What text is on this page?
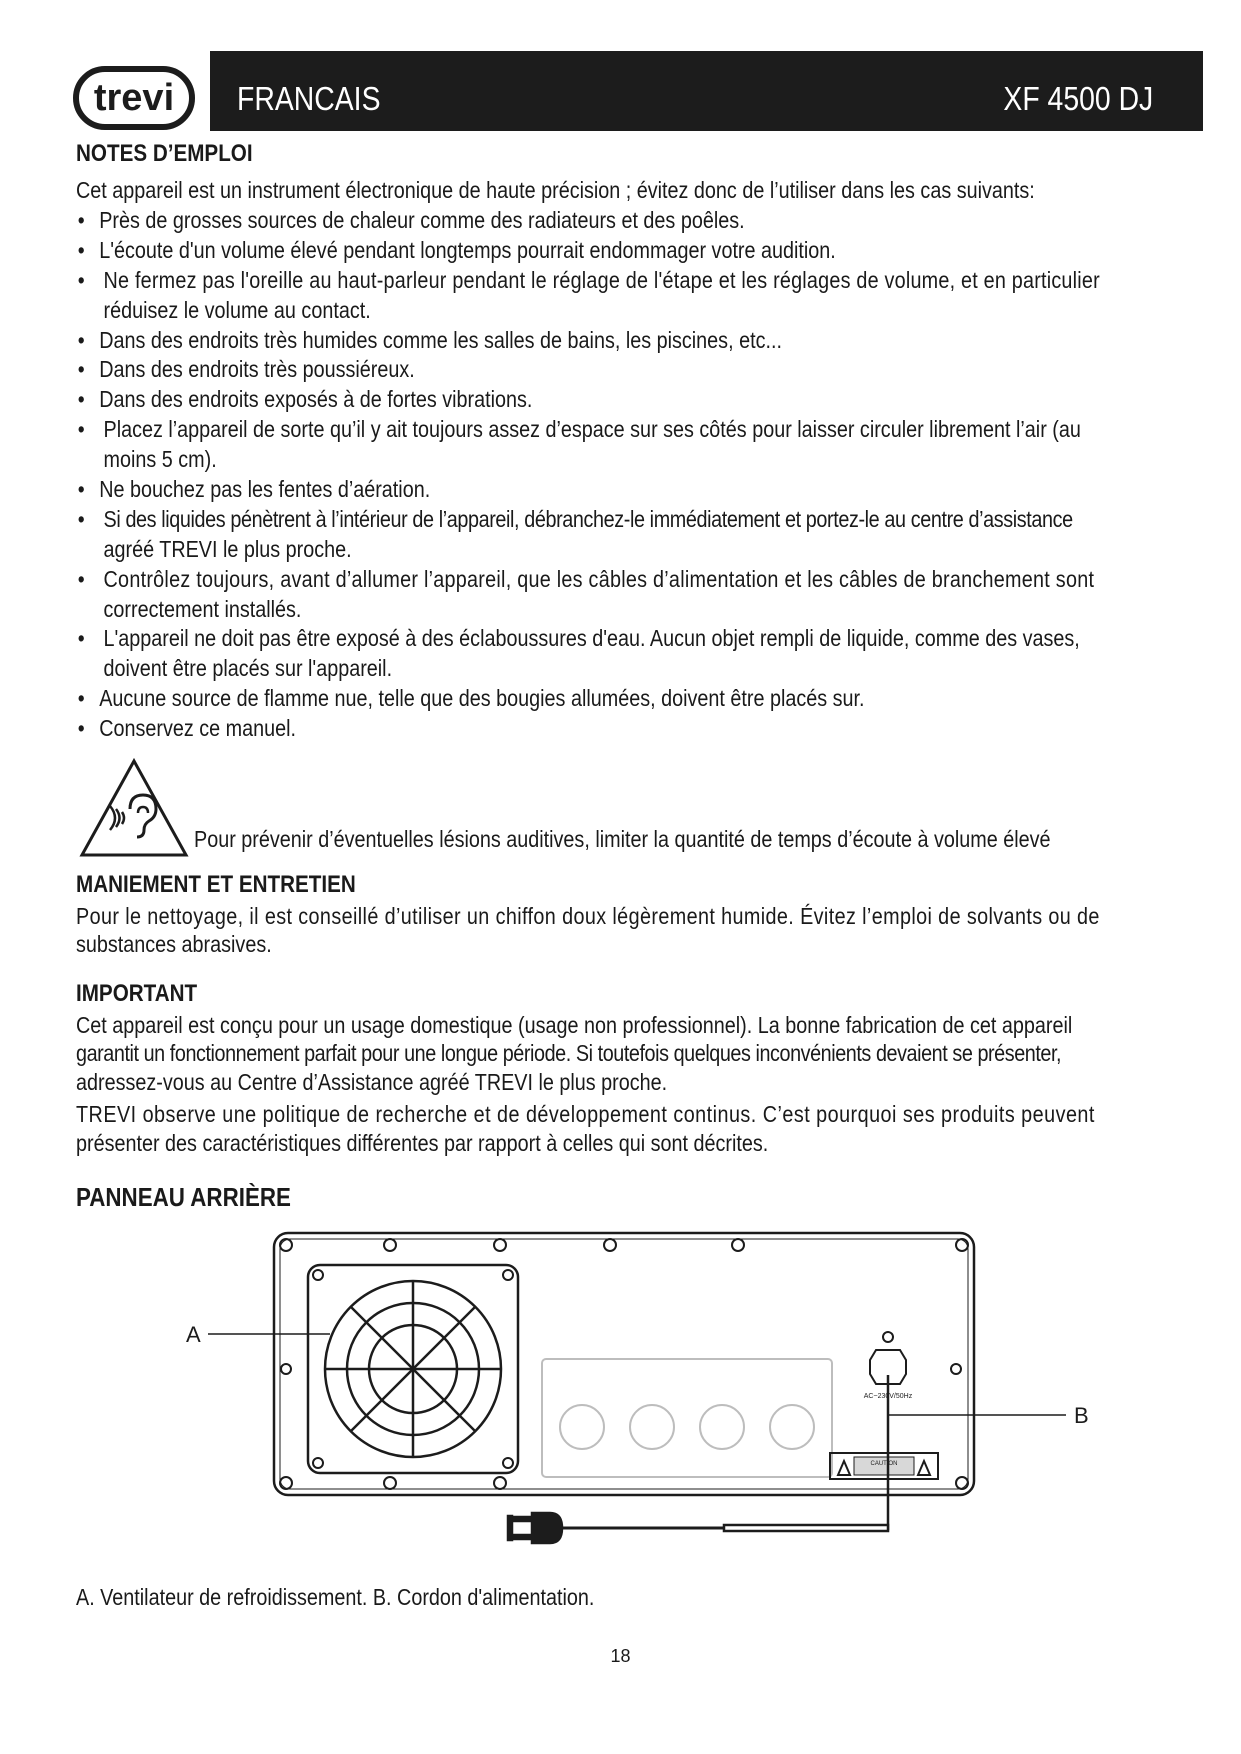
trevi FRANCAIS	XF 4500 DJ
NOTES D’EMPLOI
Cet appareil est un instrument électronique de haute précision ; évitez donc de l’utiliser dans les cas suivants:
• Près de grosses sources de chaleur comme des radiateurs et des poêles.
• L'écoute d'un volume élevé pendant longtemps pourrait endommager votre audition.
• Ne fermez pas l'oreille au haut-parleur pendant le réglage de l'étape et les réglages de volume, et en particulier
réduisez le volume au contact.
• Dans des endroits très humides comme les salles de bains, les piscines, etc...
• Dans des endroits très poussiéreux.
• Dans des endroits exposés à de fortes vibrations.
• Placez l’appareil de sorte qu’il y ait toujours assez d’espace sur ses côtés pour laisser circuler librement l’air (au
moins 5 cm).
• Ne bouchez pas les fentes d’aération.
• Si des liquides pénètrent à l’intérieur de l’appareil, débranchez-le immédiatement et portez-le au centre d’assistance
agréé TREVI le plus proche.
• Contrôlez toujours, avant d’allumer l’appareil, que les câbles d’alimentation et les câbles de branchement sont
correctement installés.
• L'appareil ne doit pas être exposé à des éclaboussures d'eau. Aucun objet rempli de liquide, comme des vases,
doivent être placés sur l'appareil.
• Aucune source de flamme nue, telle que des bougies allumées, doivent être placés sur.
• Conservez ce manuel.
Pour prévenir d’éventuelles lésions auditives, limiter la quantité de temps d’écoute à volume élevé
MANIEMENT ET ENTRETIEN
Pour le nettoyage, il est conseillé d’utiliser un chiffon doux légèrement humide. Évitez l’emploi de solvants ou de
substances abrasives.
IMPORTANT
Cet appareil est conçu pour un usage domestique (usage non professionnel). La bonne fabrication de cet appareil
garantit un fonctionnement parfait pour une longue période. Si toutefois quelques inconvénients devaient se présenter,
adressez-vous au Centre d’Assistance agréé TREVI le plus proche.
TREVI observe une politique de recherche et de développement continus. C’est pourquoi ses produits peuvent
présenter des caractéristiques différentes par rapport à celles qui sont décrites.
PANNEAU ARRIÈRE
A. Ventilateur de refroidissement. B. Cordon d'alimentation.
AC~230V/50Hz
CAUTION
A
B
18
